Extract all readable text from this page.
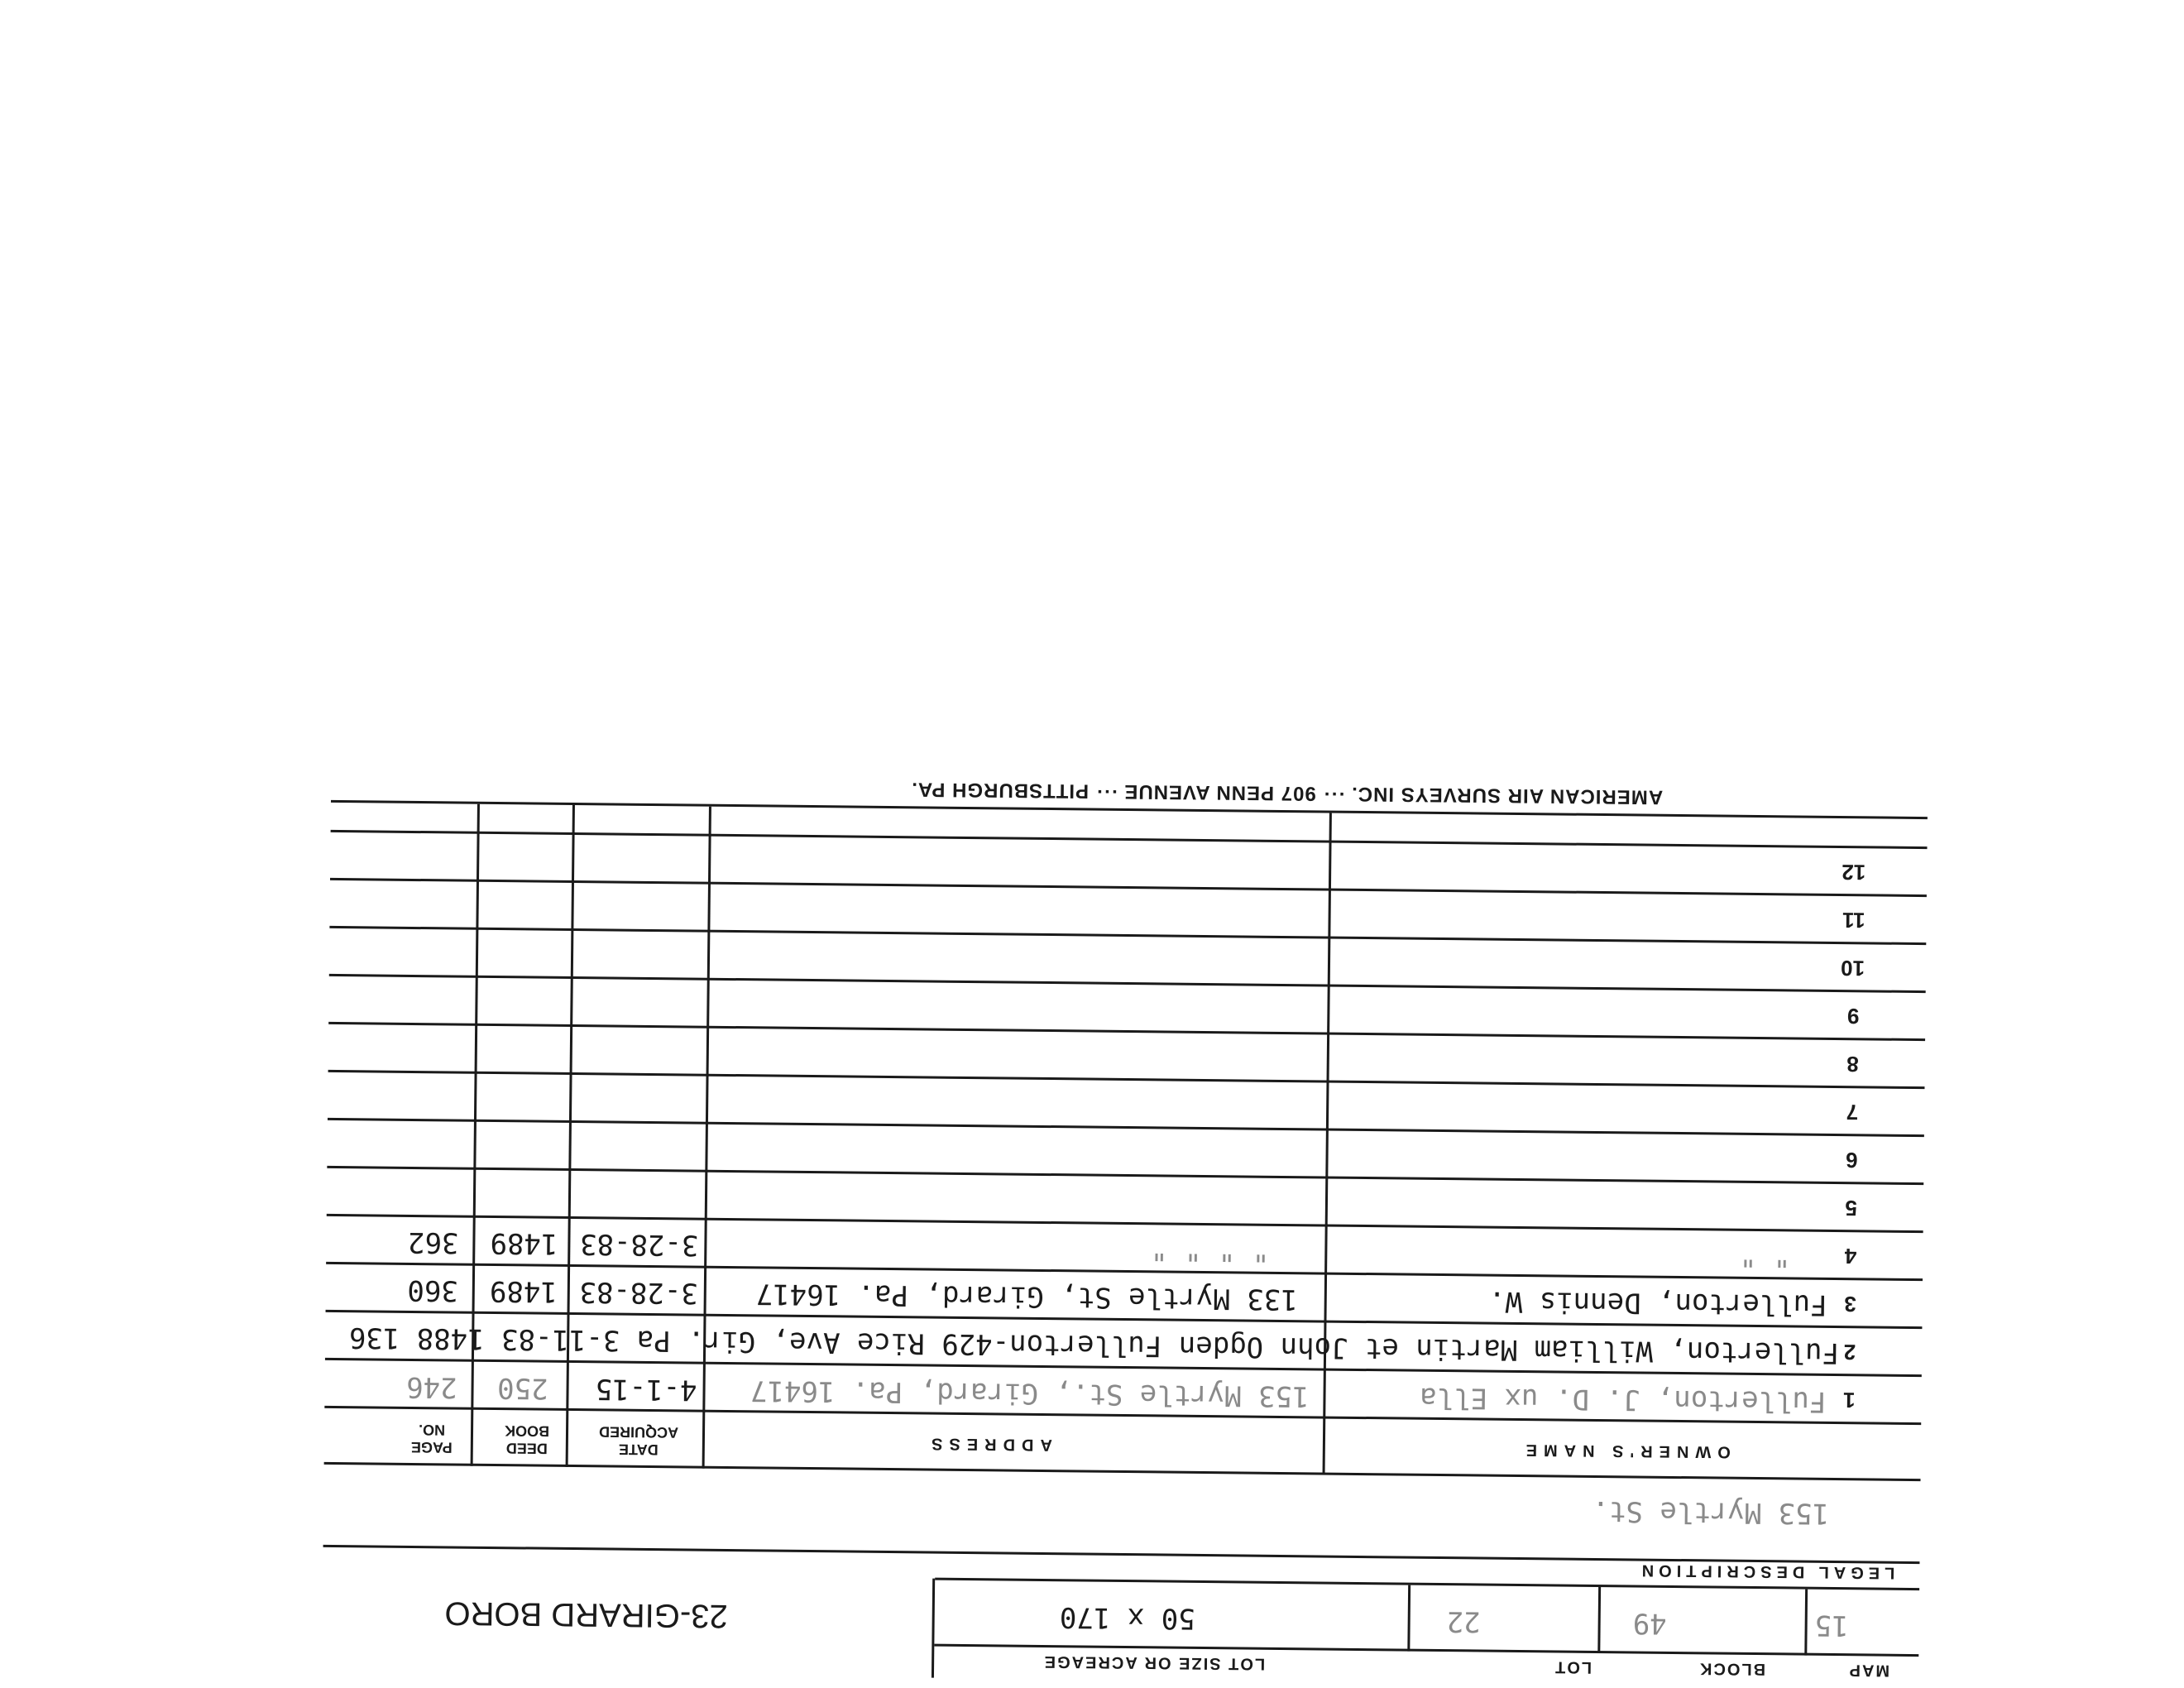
MAP
BLOCK
LOT
LOT SIZE OR ACREAGE
15
49
22
50 x 170
23-GIRARD BORO
LEGAL DESCRIPTION
153 Myrtle St.
OWNER'S NAME
ADDRESS
DATE
ACQUIRED
DEED
BOOK
PAGE
NO.
1
Fullerton, J. D. ux Ella
153 Myrtle St., Girard, Pa. 16417
4-1-15
250
246
2
Fullerton, William Martin et John Ogden Fullerton-429 Rice Ave, Gir. Pa 3-11-83 1488 136
3
Fullerton, Dennis W.
133 Myrtle St, Girard, Pa. 16417
3-28-83
1489
360
4
" "
" " " "
3-28-83
1489
362
5
6
7
8
9
10
11
12
AMERICAN AIR SURVEYS INC. ··· 907 PENN AVENUE ··· PITTSBURGH PA.
